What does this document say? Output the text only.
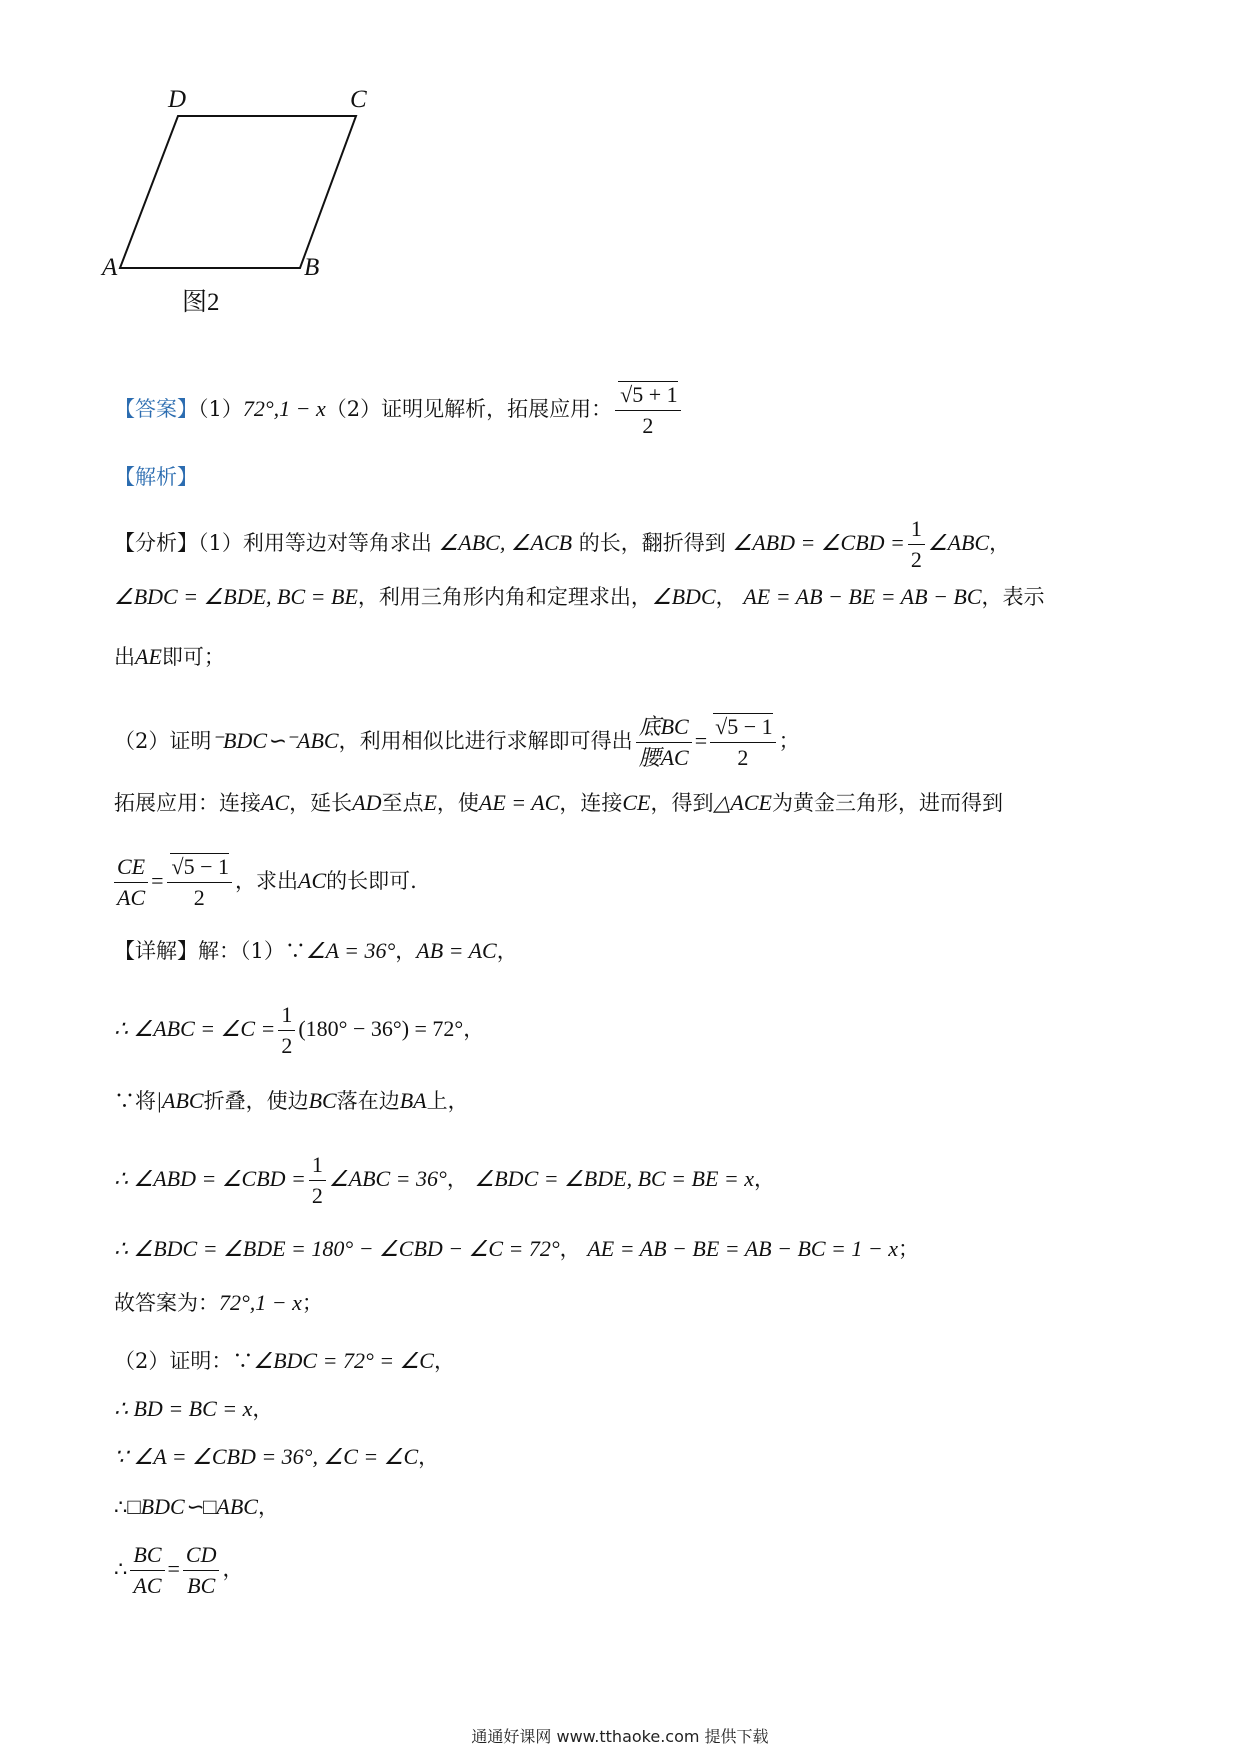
D	C
A	B
图2
【答案】（1）72°,1 − x（2）证明见解析，拓展应用： $\frac{√5 + 1}{2}$
【解析】
【分析】（1）利用等边对等角求出 ∠ABC, ∠ACB 的长，翻折得到 ∠ABD = ∠CBD = $\frac{1}{2}$ ∠ABC，
∠BDC = ∠BDE, BC = BE，利用三角形内角和定理求出，∠BDC， AE = AB − BE = AB − BC，表示
出AE即可；
（2）证明⁻BDC∽⁻ABC，利用相似比进行求解即可得出 $\frac{\text{底BC}}{\text{腰AC}} = \frac{√5 - 1}{2}$ ；
拓展应用：连接AC，延长AD至点E，使AE = AC，连接CE，得到△ACE为黄金三角形，进而得到
$\frac{CE}{AC} = \frac{√5 - 1}{2}$ ，求出AC的长即可.
【详解】解：（1）∵∠A = 36°，AB = AC，
∴ ∠ABC = ∠C = $\frac{1}{2} (180^\circ - 36^\circ) = 72^\circ$，
∵将|ABC折叠，使边BC落在边BA上，
∴ ∠ABD = ∠CBD = $\frac{1}{2}$ ∠ABC = 36°， ∠BDC = ∠BDE, BC = BE = x，
∴ ∠BDC = ∠BDE = 180° − ∠CBD − ∠C = 72°， AE = AB − BE = AB − BC = 1 − x；
故答案为：72°,1 − x；
（2）证明：∵∠BDC = 72° = ∠C，
∴ BD = BC = x，
∵ ∠A = ∠CBD = 36°, ∠C = ∠C，
∴□BDC∽□ABC，
∴ $\frac{BC}{AC} = \frac{CD}{BC}$ ，
通通好课网 www.tthaoke.com 提供下载
